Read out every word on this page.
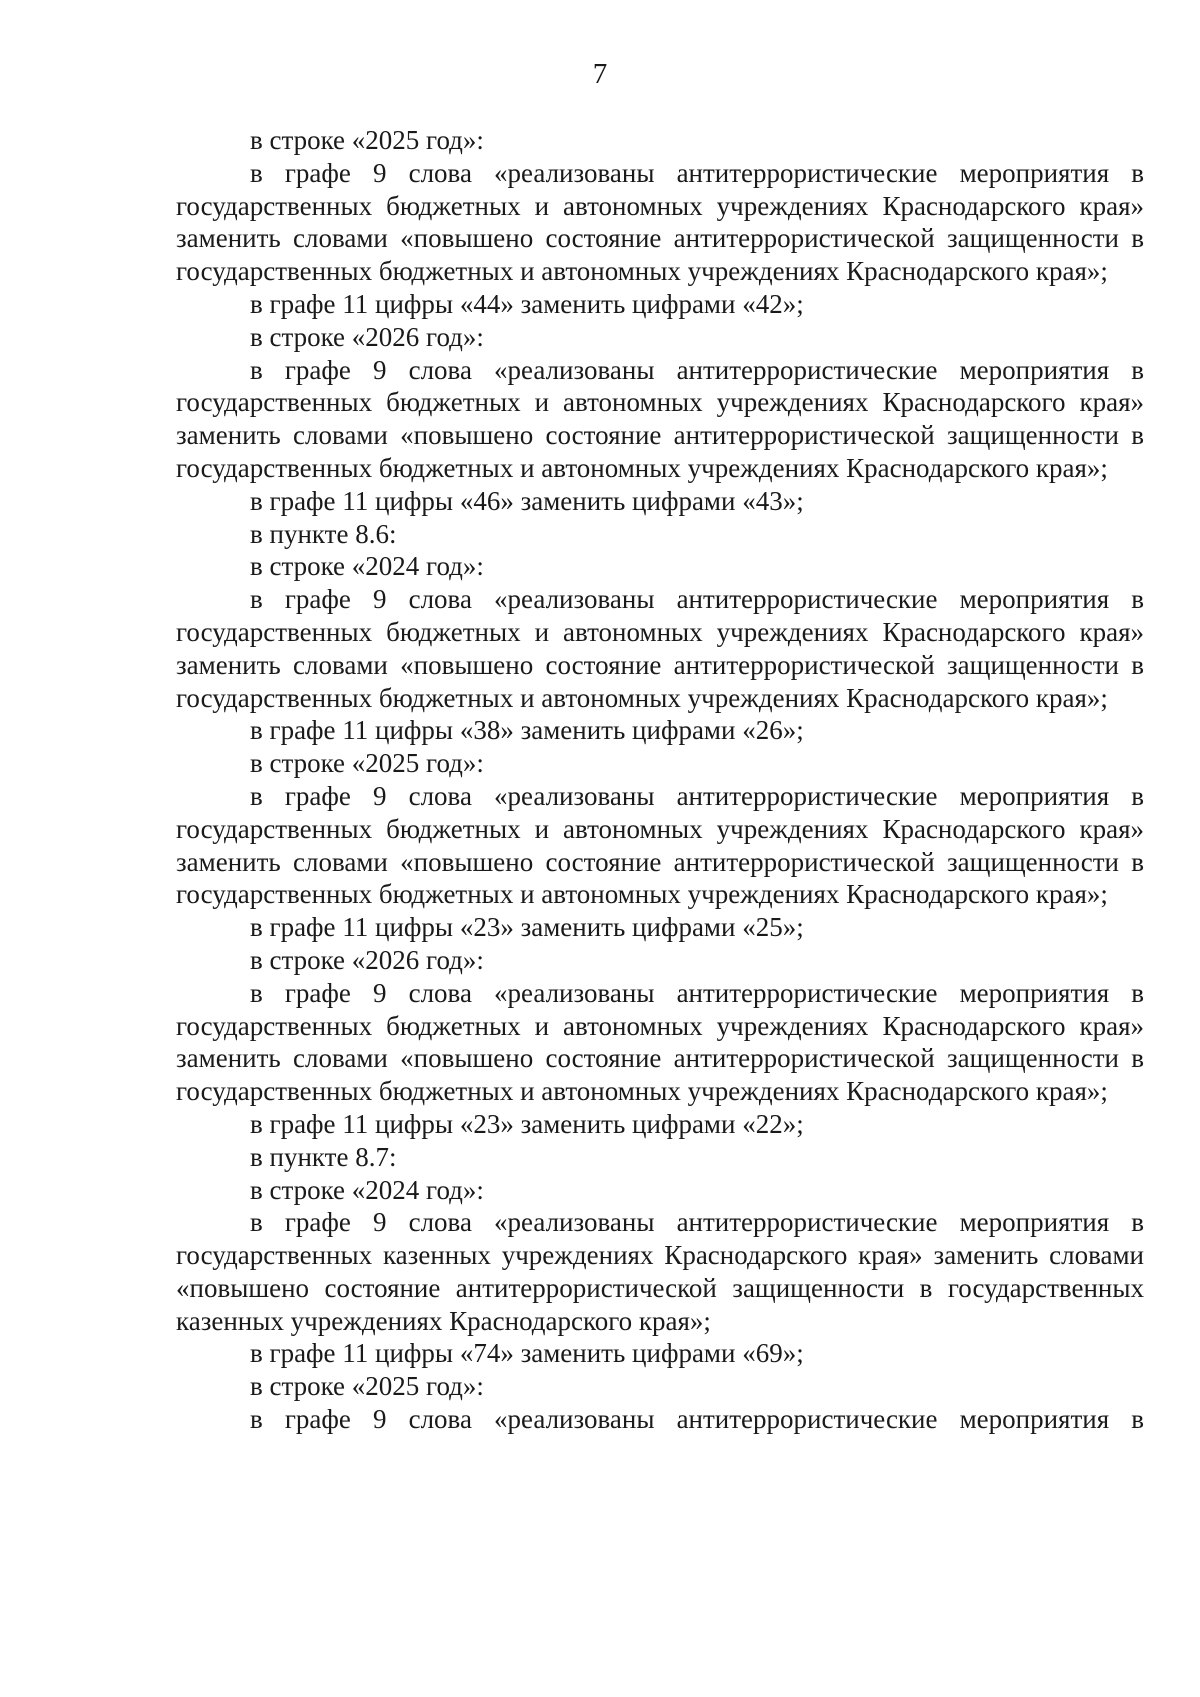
7

в строке «2025 год»:

в графе 9 слова «реализованы антитеррористические мероприятия в государственных бюджетных и автономных учреждениях Краснодарского края» заменить словами «повышено состояние антитеррористической защищенности в государственных бюджетных и автономных учреждениях Краснодарского края»;

в графе 11 цифры «44» заменить цифрами «42»;

в строке «2026 год»:

в графе 9 слова «реализованы антитеррористические мероприятия в государственных бюджетных и автономных учреждениях Краснодарского края» заменить словами «повышено состояние антитеррористической защищенности в государственных бюджетных и автономных учреждениях Краснодарского края»;

в графе 11 цифры «46» заменить цифрами «43»;

в пункте 8.6:

в строке «2024 год»:

в графе 9 слова «реализованы антитеррористические мероприятия в государственных бюджетных и автономных учреждениях Краснодарского края» заменить словами «повышено состояние антитеррористической защищенности в государственных бюджетных и автономных учреждениях Краснодарского края»;

в графе 11 цифры «38» заменить цифрами «26»;

в строке «2025 год»:

в графе 9 слова «реализованы антитеррористические мероприятия в государственных бюджетных и автономных учреждениях Краснодарского края» заменить словами «повышено состояние антитеррористической защищенности в государственных бюджетных и автономных учреждениях Краснодарского края»;

в графе 11 цифры «23» заменить цифрами «25»;

в строке «2026 год»:

в графе 9 слова «реализованы антитеррористические мероприятия в государственных бюджетных и автономных учреждениях Краснодарского края» заменить словами «повышено состояние антитеррористической защищенности в государственных бюджетных и автономных учреждениях Краснодарского края»;

в графе 11 цифры «23» заменить цифрами «22»;

в пункте 8.7:

в строке «2024 год»:

в графе 9 слова «реализованы антитеррористические мероприятия в государственных казенных учреждениях Краснодарского края» заменить словами «повышено состояние антитеррористической защищенности в государственных казенных учреждениях Краснодарского края»;

в графе 11 цифры «74» заменить цифрами «69»;

в строке «2025 год»:

в графе 9 слова «реализованы антитеррористические мероприятия в
